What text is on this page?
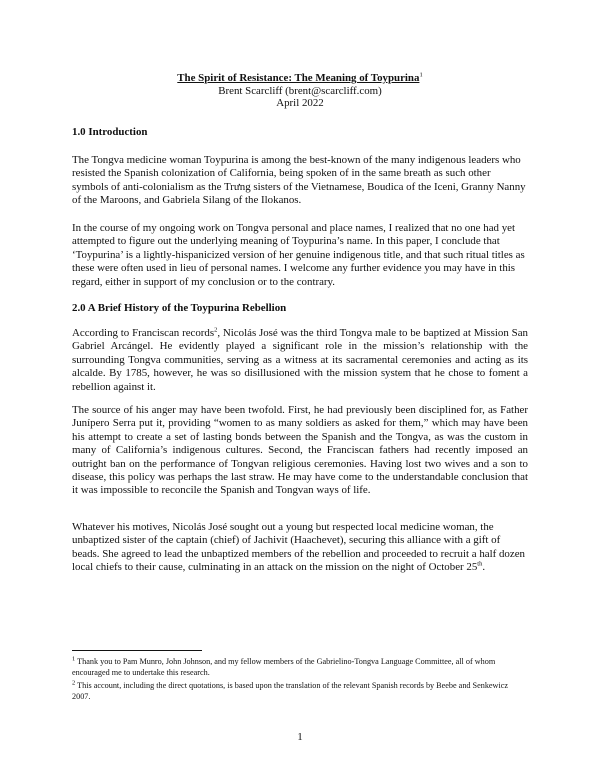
The Spirit of Resistance: The Meaning of Toypurina$^1$
Brent Scarcliff (brent@scarcliff.com)
April 2022
1.0 Introduction
The Tongva medicine woman Toypurina is among the best-known of the many indigenous leaders who resisted the Spanish colonization of California, being spoken of in the same breath as such other symbols of anti-colonialism as the Trưng sisters of the Vietnamese, Boudica of the Iceni, Granny Nanny of the Maroons, and Gabriela Silang of the Ilokanos.
In the course of my ongoing work on Tongva personal and place names, I realized that no one had yet attempted to figure out the underlying meaning of Toypurina’s name. In this paper, I conclude that ‘Toypurina’ is a lightly-hispanicized version of her genuine indigenous title, and that such ritual titles as these were often used in lieu of personal names. I welcome any further evidence you may have in this regard, either in support of my conclusion or to the contrary.
2.0 A Brief History of the Toypurina Rebellion
According to Franciscan records$^2$, Nicolás José was the third Tongva male to be baptized at Mission San Gabriel Arcángel. He evidently played a significant role in the mission’s relationship with the surrounding Tongva communities, serving as a witness at its sacramental ceremonies and acting as its alcalde. By 1785, however, he was so disillusioned with the mission system that he chose to foment a rebellion against it.
The source of his anger may have been twofold. First, he had previously been disciplined for, as Father Junípero Serra put it, providing “women to as many soldiers as asked for them,” which may have been his attempt to create a set of lasting bonds between the Spanish and the Tongva, as was the custom in many of California’s indigenous cultures. Second, the Franciscan fathers had recently imposed an outright ban on the performance of Tongvan religious ceremonies. Having lost two wives and a son to disease, this policy was perhaps the last straw. He may have come to the understandable conclusion that it was impossible to reconcile the Spanish and Tongvan ways of life.
Whatever his motives, Nicolás José sought out a young but respected local medicine woman, the unbaptized sister of the captain (chief) of Jachivit (Haachevet), securing this alliance with a gift of beads. She agreed to lead the unbaptized members of the rebellion and proceeded to recruit a half dozen local chiefs to their cause, culminating in an attack on the mission on the night of October 25th.
$^1$ Thank you to Pam Munro, John Johnson, and my fellow members of the Gabrielino-Tongva Language Committee, all of whom encouraged me to undertake this research.
$^2$ This account, including the direct quotations, is based upon the translation of the relevant Spanish records by Beebe and Senkewicz 2007.
1
